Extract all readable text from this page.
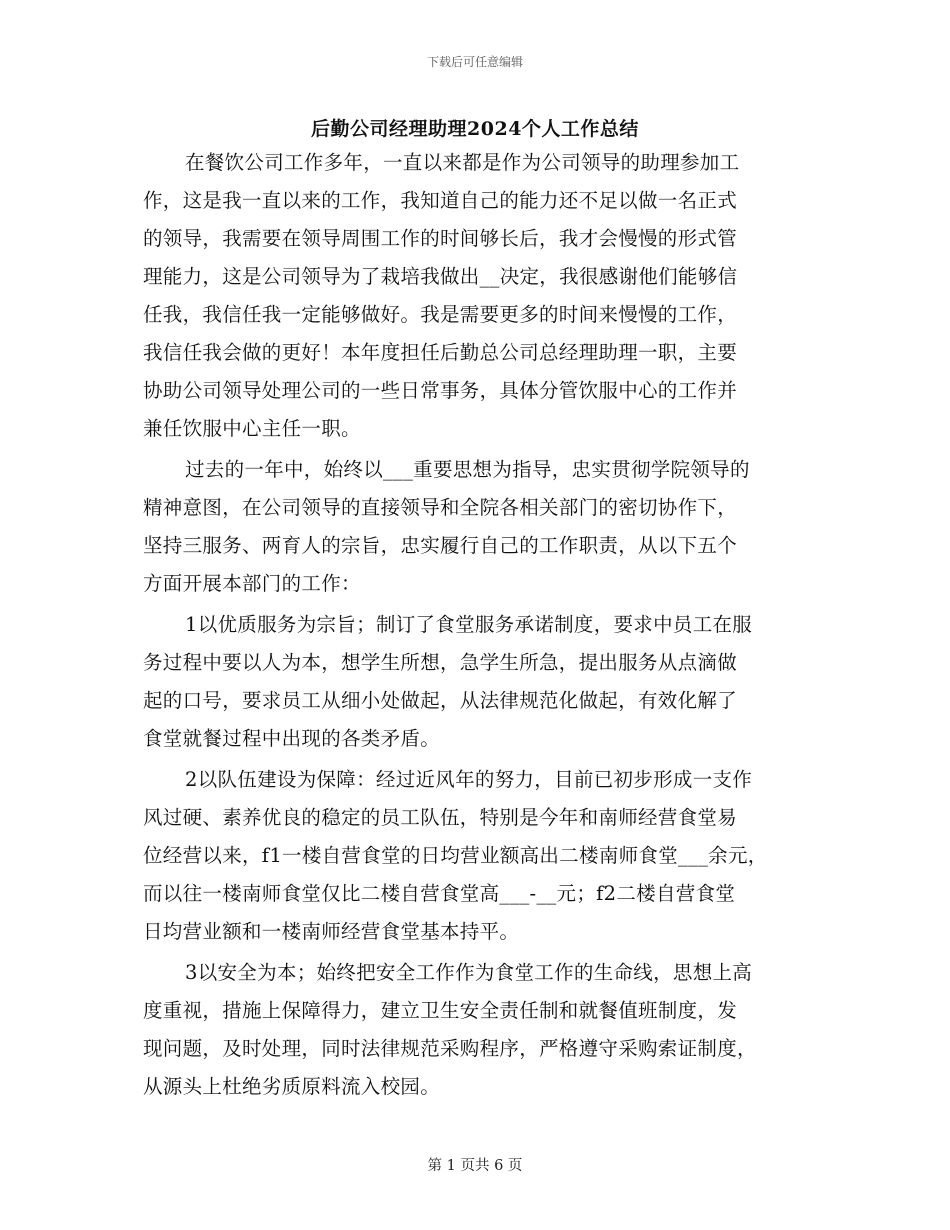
下载后可任意编辑
后勤公司经理助理2024个人工作总结
在餐饮公司工作多年，一直以来都是作为公司领导的助理参加工
作，这是我一直以来的工作，我知道自己的能力还不足以做一名正式
的领导，我需要在领导周围工作的时间够长后，我才会慢慢的形式管
理能力，这是公司领导为了栽培我做出__决定，我很感谢他们能够信
任我，我信任我一定能够做好。我是需要更多的时间来慢慢的工作，
我信任我会做的更好！本年度担任后勤总公司总经理助理一职，主要
协助公司领导处理公司的一些日常事务，具体分管饮服中心的工作并
兼任饮服中心主任一职。
过去的一年中，始终以___重要思想为指导，忠实贯彻学院领导的
精神意图，在公司领导的直接领导和全院各相关部门的密切协作下，
坚持三服务、两育人的宗旨，忠实履行自己的工作职责，从以下五个
方面开展本部门的工作：
1以优质服务为宗旨；制订了食堂服务承诺制度，要求中员工在服
务过程中要以人为本，想学生所想，急学生所急，提出服务从点滴做
起的口号，要求员工从细小处做起，从法律规范化做起，有效化解了
食堂就餐过程中出现的各类矛盾。
2以队伍建设为保障：经过近风年的努力，目前已初步形成一支作
风过硬、素养优良的稳定的员工队伍，特别是今年和南师经营食堂易
位经营以来，f1一楼自营食堂的日均营业额高出二楼南师食堂___余元，
而以往一楼南师食堂仅比二楼自营食堂高___-__元；f2二楼自营食堂
日均营业额和一楼南师经营食堂基本持平。
3以安全为本；始终把安全工作作为食堂工作的生命线，思想上高
度重视，措施上保障得力，建立卫生安全责任制和就餐值班制度，发
现问题，及时处理，同时法律规范采购程序，严格遵守采购索证制度，
从源头上杜绝劣质原料流入校园。
第 1 页共 6 页
